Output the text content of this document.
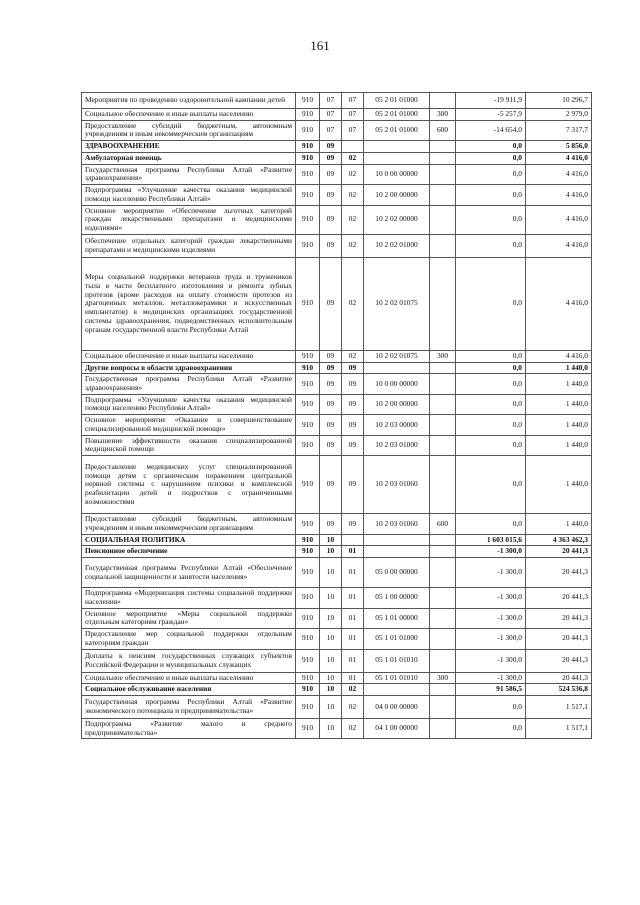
161
Мероприятия по проведению оздоровительной кампании детей	910	07	07	05 2 01 01000		-19 911,9	10 296,7
Социальное обеспечение и иные выплаты населению	910	07	07	05 2 01 01000	300	-5 257,9	2 979,0
Предоставление субсидий бюджетным, автономным учреждениям и иным некоммерческим организациям	910	07	07	05 2 01 01000	600	-14 654,0	7 317,7
ЗДРАВООХРАНЕНИЕ	910	09				0,0	5 856,0
Амбулаторная помощь	910	09	02			0,0	4 416,0
Государственная программа Республики Алтай «Развитие здравоохранения»	910	09	02	10 0 00 00000		0,0	4 416,0
Подпрограмма «Улучшение качества оказания медицинской помощи населению Республики Алтай»	910	09	02	10 2 00 00000		0,0	4 416,0
Основное мероприятие «Обеспечение льготных категорий граждан лекарственными препаратами и медицинскими изделиями»	910	09	02	10 2 02 00000		0,0	4 416,0
Обеспечение отдельных категорий граждан лекарственными препаратами и медицинскими изделиями	910	09	02	10 2 02 01000		0,0	4 416,0
Меры социальной поддержки ветеранов труда и тружеников тыла в части бесплатного изготовления и ремонта зубных протезов (кроме расходов на оплату стоимости протезов из драгоценных металлов, металлокерамики и искусственных имплантатов) в медицинских организациях государственной системы здравоохранения, подведомственных исполнительным органам государственной власти Республики Алтай	910	09	02	10 2 02 01075		0,0	4 416,0
Социальное обеспечение и иные выплаты населению	910	09	02	10 2 02 01075	300	0,0	4 416,0
Другие вопросы в области здравоохранения	910	09	09			0,0	1 440,0
Государственная программа Республики Алтай «Развитие здравоохранения»	910	09	09	10 0 00 00000		0,0	1 440,0
Подпрограмма «Улучшение качества оказания медицинской помощи населению Республики Алтай»	910	09	09	10 2 00 00000		0,0	1 440,0
Основное мероприятие «Оказание и совершенствование специализированной медицинской помощи»	910	09	09	10 2 03 00000		0,0	1 440,0
Повышение эффективности оказания специализированной медицинской помощи	910	09	09	10 2 03 01000		0,0	1 440,0
Предоставление медицинских услуг специализированной помощи детям с органическим поражением центральной нервной системы с нарушением психики и комплексной реабилитации детей и подростков с ограниченными возможностями	910	09	09	10 2 03 01060		0,0	1 440,0
Предоставление субсидий бюджетным, автономным учреждениям и иным некоммерческим организациям	910	09	09	10 2 03 01060	600	0,0	1 440,0
СОЦИАЛЬНАЯ ПОЛИТИКА	910	10				1 603 015,6	4 363 462,3
Пенсионное обеспечение	910	10	01			-1 300,0	20 441,3
Государственная программа Республики Алтай «Обеспечение социальной защищенности и занятости населения»	910	10	01	05 0 00 00000		-1 300,0	20 441,3
Подпрограмма «Модернизация системы социальной поддержки населения»	910	10	01	05 1 00 00000		-1 300,0	20 441,3
Основное мероприятие «Меры социальной поддержки отдельным категориям граждан»	910	10	01	05 1 01 00000		-1 300,0	20 441,3
Предоставление мер социальной поддержки отдельным категориям граждан	910	10	01	05 1 01 01000		-1 300,0	20 441,3
Доплаты к пенсиям государственных служащих субъектов Российской Федерации и муниципальных служащих	910	10	01	05 1 01 01010		-1 300,0	20 441,3
Социальное обеспечение и иные выплаты населению	910	10	01	05 1 01 01010	300	-1 300,0	20 441,3
Социальное обслуживание населения	910	10	02			91 586,5	524 536,8
Государственная программа Республики Алтай «Развитие экономического потенциала и предпринимательства»	910	10	02	04 0 00 00000		0,0	1 517,1
Подпрограмма «Развитие малого и среднего предпринимательства»	910	10	02	04 1 00 00000		0,0	1 517,1
